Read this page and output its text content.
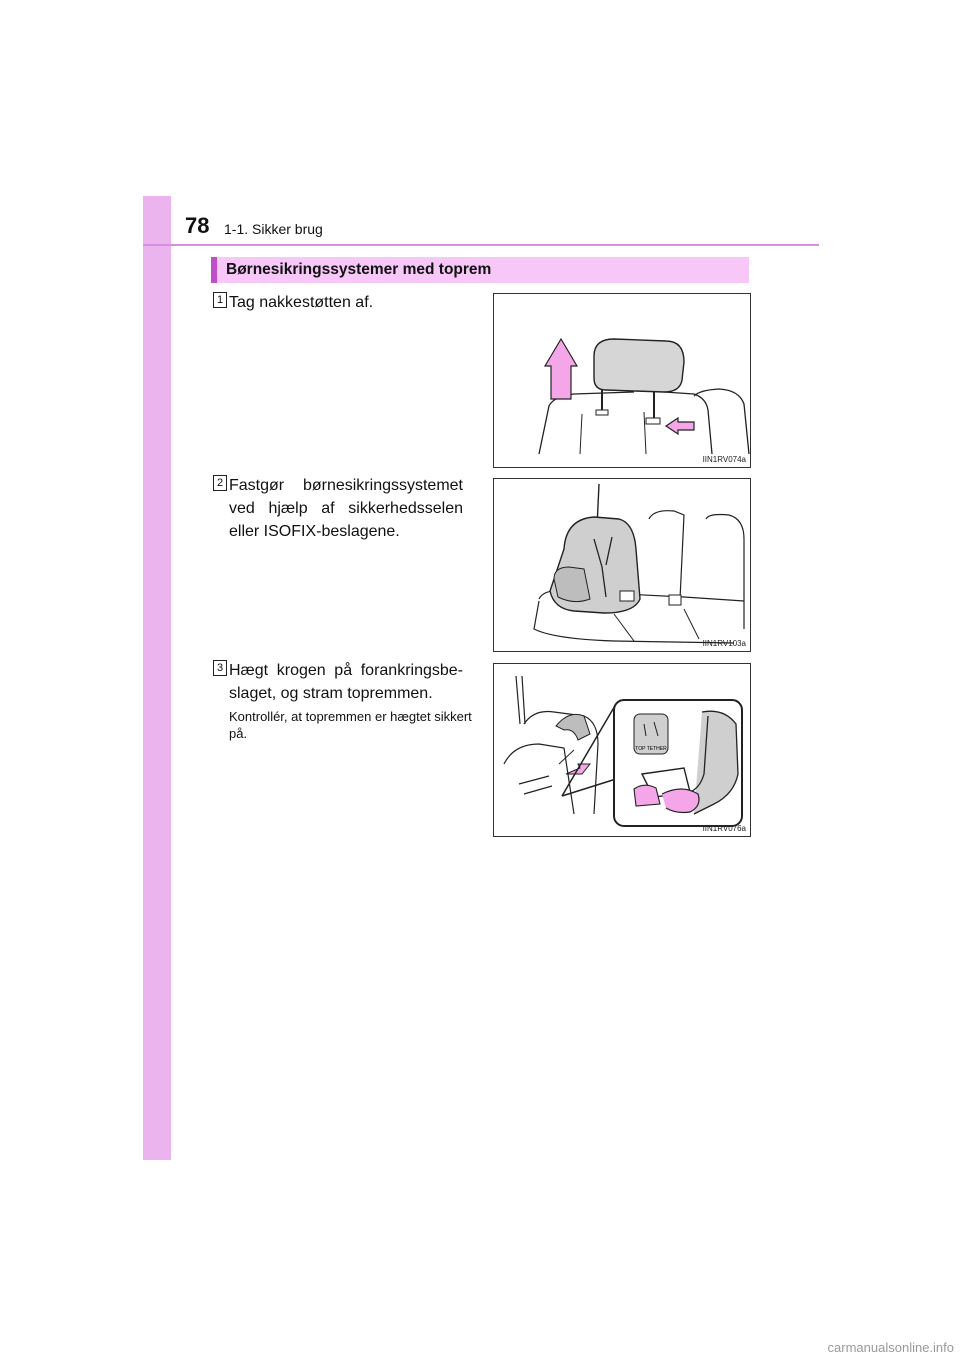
78 1-1. Sikker brug
Børnesikringssystemer med toprem
1 Tag nakkestøtten af.
IIN1RV074a
2 Fastgør børnesikringssystemet ved hjælp af sikkerhedsselen eller ISOFIX-beslagene.
IIN1RV103a
3 Hægt krogen på forankringsbe-slaget, og stram topremmen.
Kontrollér, at topremmen er hægtet sikkert på.
TOP TETHER
IIN1RV076a
carmanualsonline.info
